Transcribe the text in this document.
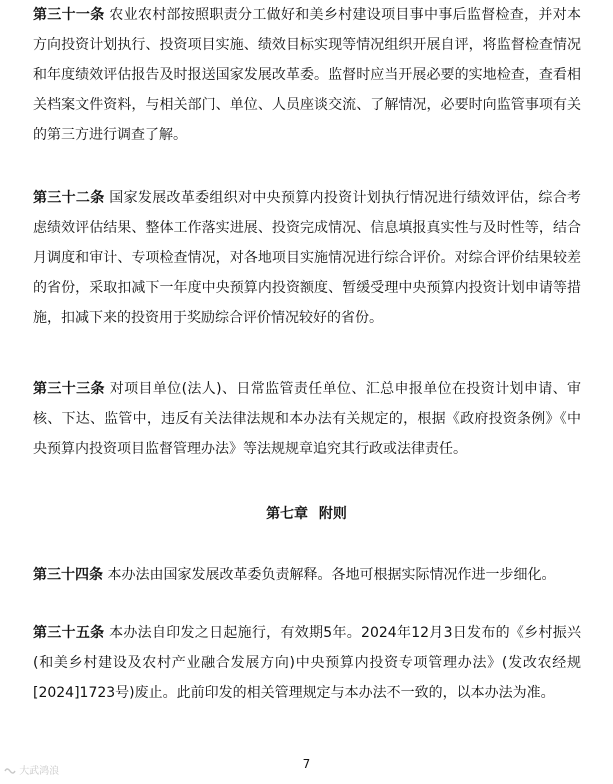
第三十一条 农业农村部按照职责分工做好和美乡村建设项目事中事后监督检查，并对本方向投资计划执行、投资项目实施、绩效目标实现等情况组织开展自评，将监督检查情况和年度绩效评估报告及时报送国家发展改革委。监督时应当开展必要的实地检查，查看相关档案文件资料，与相关部门、单位、人员座谈交流、了解情况，必要时向监管事项有关的第三方进行调查了解。

第三十二条 国家发展改革委组织对中央预算内投资计划执行情况进行绩效评估，综合考虑绩效评估结果、整体工作落实进展、投资完成情况、信息填报真实性与及时性等，结合月调度和审计、专项检查情况，对各地项目实施情况进行综合评价。对综合评价结果较差的省份，采取扣减下一年度中央预算内投资额度、暂缓受理中央预算内投资计划申请等措施，扣减下来的投资用于奖励综合评价情况较好的省份。

第三十三条 对项目单位(法人)、日常监管责任单位、汇总申报单位在投资计划申请、审核、下达、监管中，违反有关法律法规和本办法有关规定的，根据《政府投资条例》《中央预算内投资项目监督管理办法》等法规规章追究其行政或法律责任。

第七章 附则

第三十四条 本办法由国家发展改革委负责解释。各地可根据实际情况作进一步细化。

第三十五条 本办法自印发之日起施行，有效期5年。2024年12月3日发布的《乡村振兴(和美乡村建设及农村产业融合发展方向)中央预算内投资专项管理办法》(发改农经规[2024]1723号)废止。此前印发的相关管理规定与本办法不一致的，以本办法为准。

7
大武鸿浪
